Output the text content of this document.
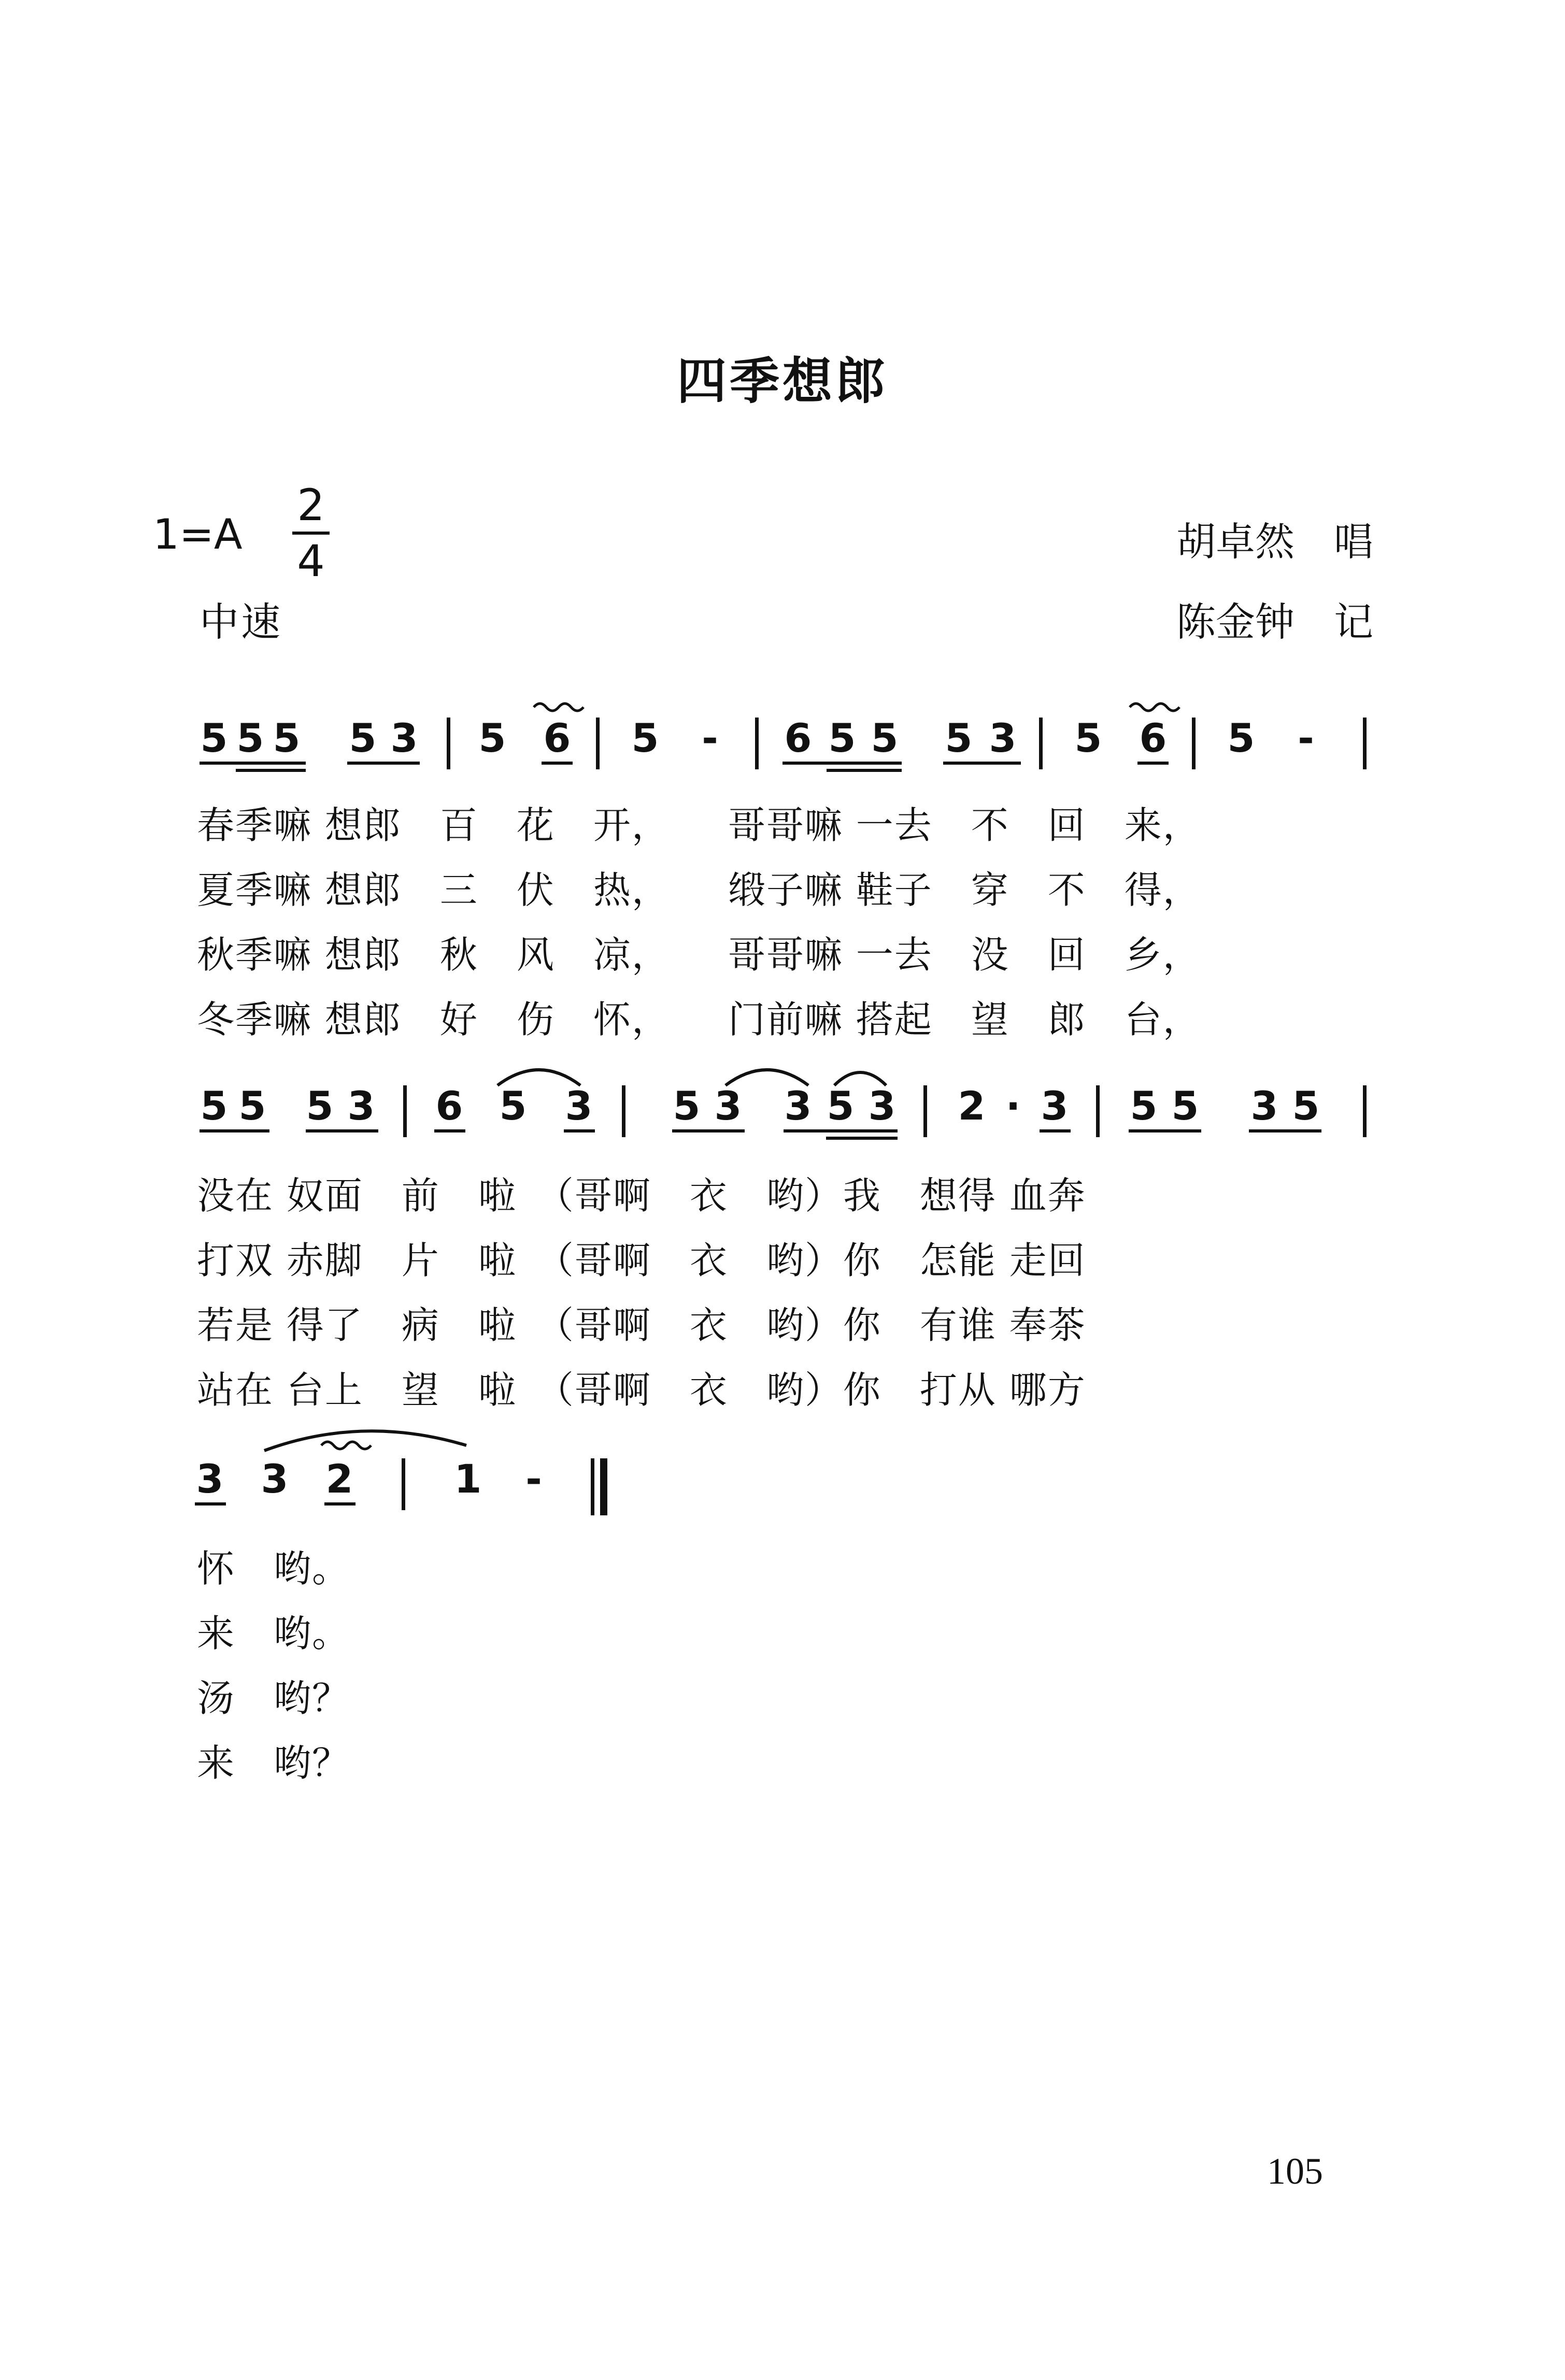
四季想郎
1=A
2
4
中速
胡卓然　唱
陈金钟　记
5 5 5 5 3 5 6 5 - 6 5 5 5 3 5 6 5 -
春季嘛 想郎　百　花　开，　　哥哥嘛 一去　不　回　来，
夏季嘛 想郎　三　伏　热，　　缎子嘛 鞋子　穿　不　得，
秋季嘛 想郎　秋　风　凉，　　哥哥嘛 一去　没　回　乡，
冬季嘛 想郎　好　伤　怀，　　门前嘛 搭起　望　郎　台，
5 5 5 3 6 5 3 5 3 3 5 3 2 · 3 5 5 3 5
没在 奴面　前　啦　（哥啊　衣　哟）我　想得 血奔
打双 赤脚　片　啦　（哥啊　衣　哟）你　怎能 走回
若是 得了　病　啦　（哥啊　衣　哟）你　有谁 奉茶
站在 台上　望　啦　（哥啊　衣　哟）你　打从 哪方
3 3 2	1 -
怀　哟。
来　哟。
汤　哟？
来　哟？
105
